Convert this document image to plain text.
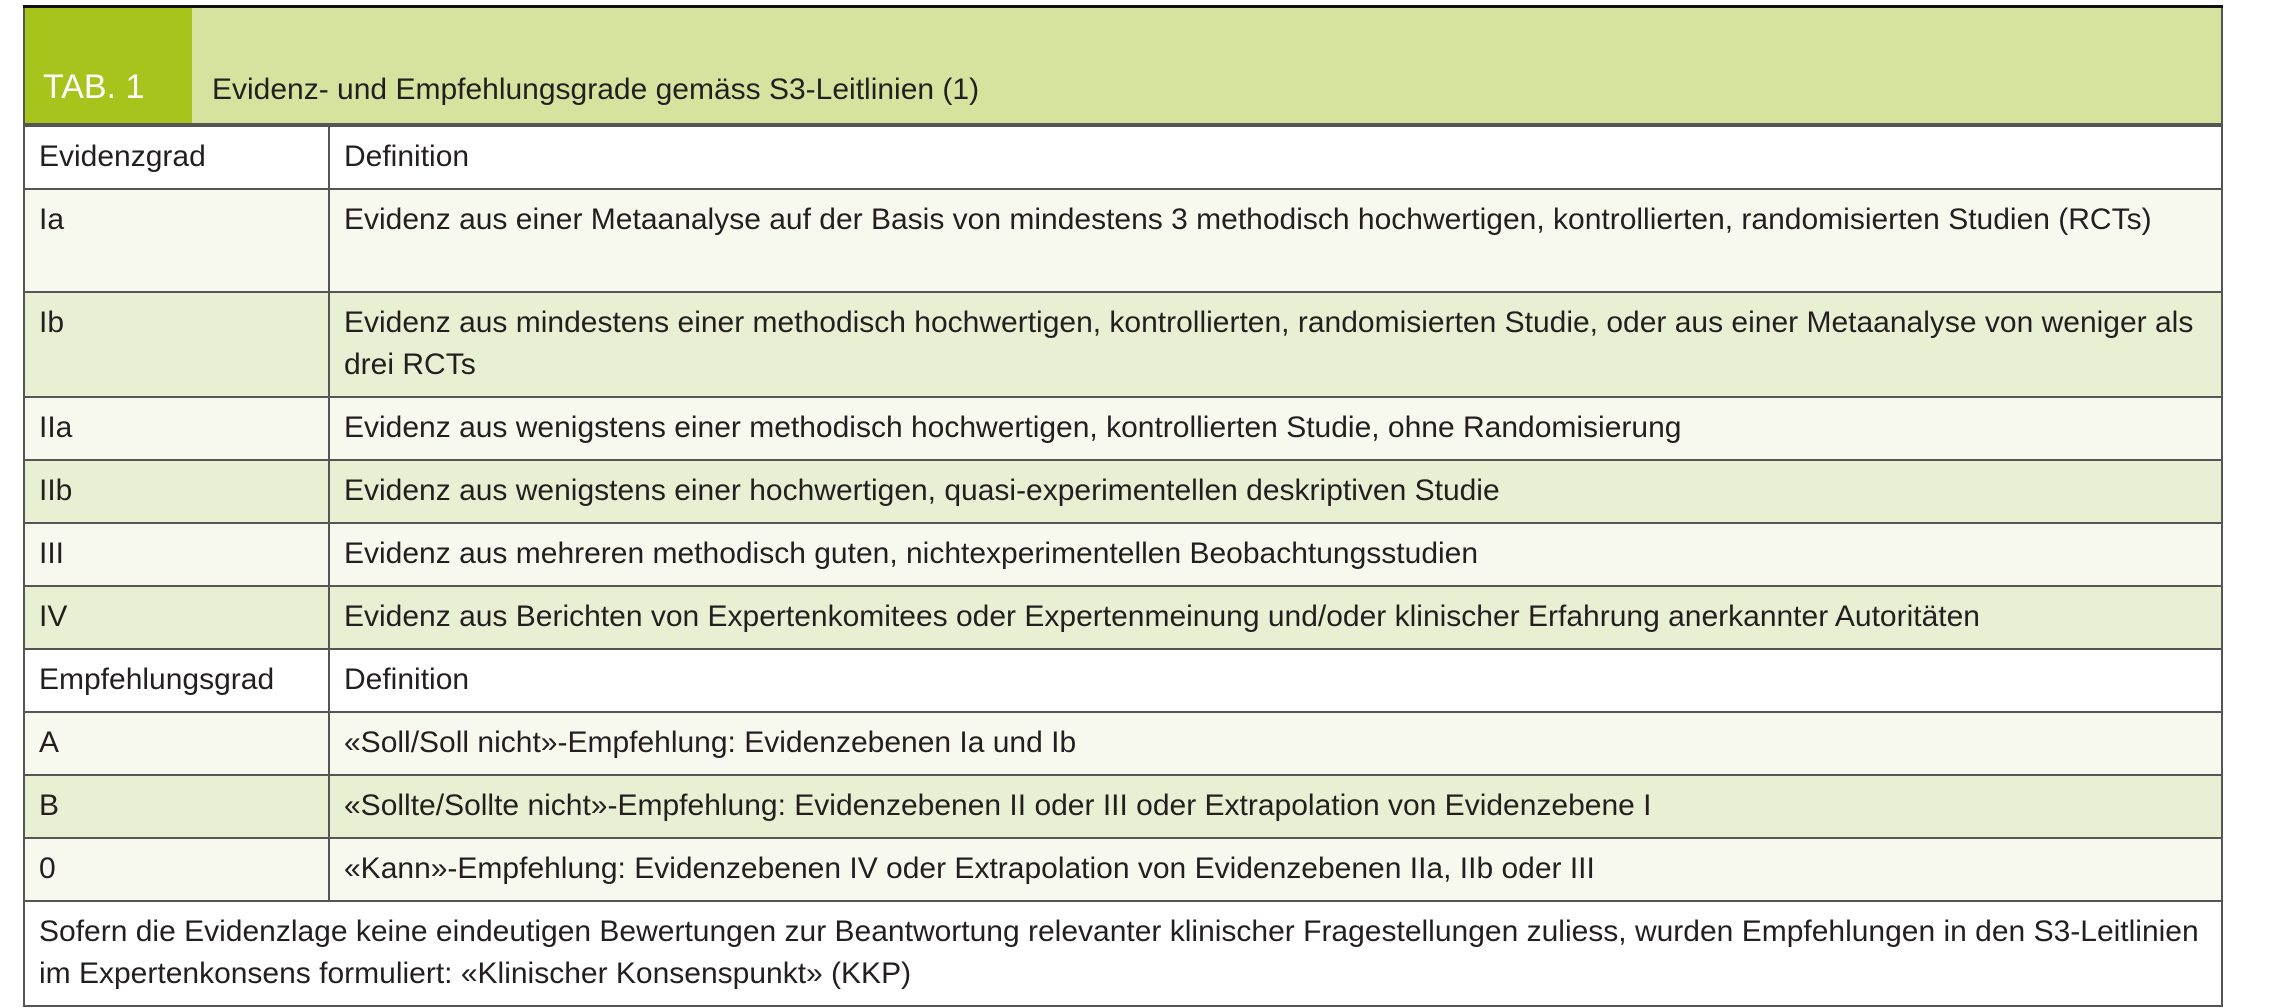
TAB. 1	Evidenz- und Empfehlungsgrade gemäss S3-Leitlinien (1)
Evidenzgrad	Definition
Ia	Evidenz aus einer Metaanalyse auf der Basis von mindestens 3 methodisch hochwertigen, kontrollierten, randomisierten Studien (RCTs)
Ib	Evidenz aus mindestens einer methodisch hochwertigen, kontrollierten, randomisierten Studie, oder aus einer Metaanalyse von weniger als drei RCTs
IIa	Evidenz aus wenigstens einer methodisch hochwertigen, kontrollierten Studie, ohne Randomisierung
IIb	Evidenz aus wenigstens einer hochwertigen, quasi-experimentellen deskriptiven Studie
III	Evidenz aus mehreren methodisch guten, nichtexperimentellen Beobachtungsstudien
IV	Evidenz aus Berichten von Expertenkomitees oder Expertenmeinung und/oder klinischer Erfahrung anerkannter Autoritäten
Empfehlungsgrad	Definition
A	«Soll/Soll nicht»-Empfehlung: Evidenzebenen Ia und Ib
B	«Sollte/Sollte nicht»-Empfehlung: Evidenzebenen II oder III oder Extrapolation von Evidenzebene I
0	«Kann»-Empfehlung: Evidenzebenen IV oder Extrapolation von Evidenzebenen IIa, IIb oder III
Sofern die Evidenzlage keine eindeutigen Bewertungen zur Beantwortung relevanter klinischer Fragestellungen zuliess, wurden Empfehlungen in den S3-Leitlinien im Expertenkonsens formuliert: «Klinischer Konsenspunkt» (KKP)	
